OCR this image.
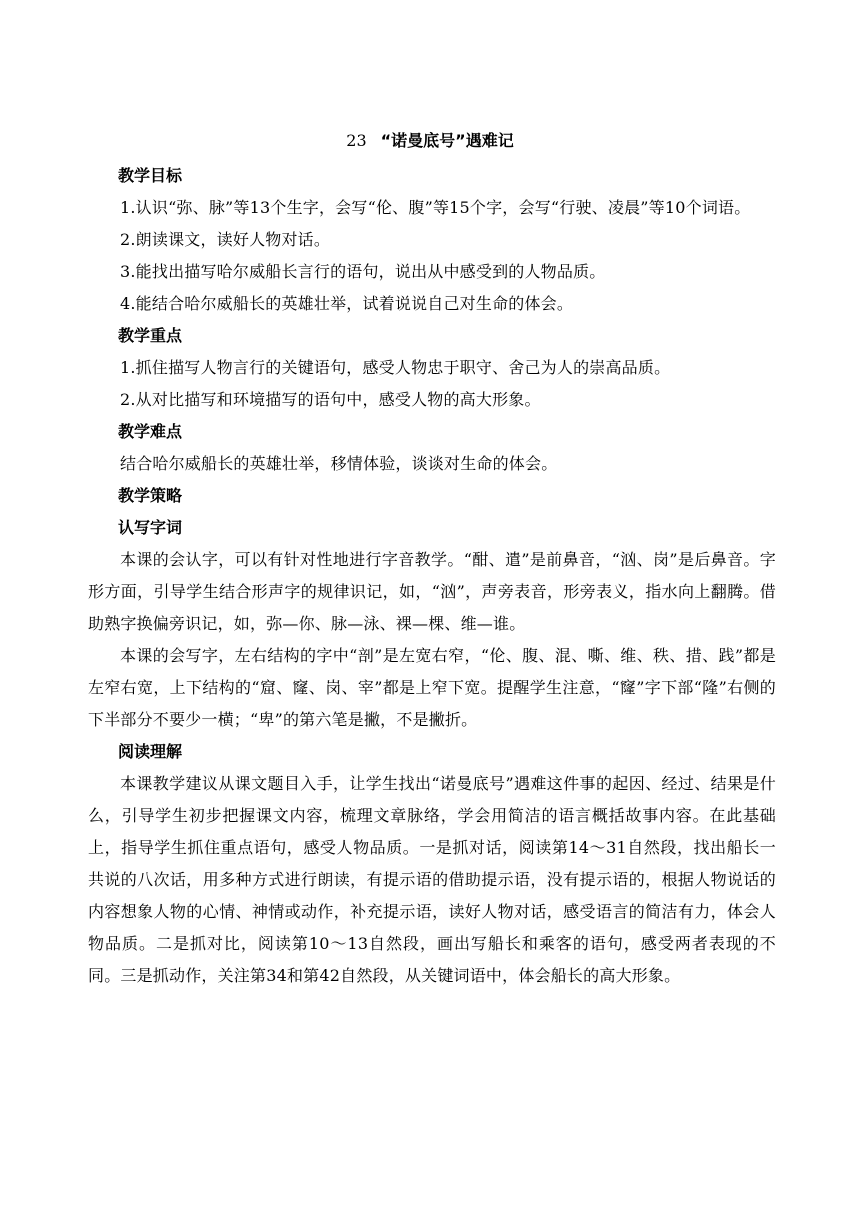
23 “诺曼底号”遇难记

教学目标

1.认识“弥、脉”等13个生字，会写“伦、腹”等15个字，会写“行驶、凌晨”等10个词语。

2.朗读课文，读好人物对话。

3.能找出描写哈尔威船长言行的语句，说出从中感受到的人物品质。

4.能结合哈尔威船长的英雄壮举，试着说说自己对生命的体会。

教学重点

1.抓住描写人物言行的关键语句，感受人物忠于职守、舍己为人的崇高品质。

2.从对比描写和环境描写的语句中，感受人物的高大形象。

教学难点

结合哈尔威船长的英雄壮举，移情体验，谈谈对生命的体会。

教学策略

认写字词

本课的会认字，可以有针对性地进行字音教学。“酣、遣”是前鼻音，“汹、岗”是后鼻音。字形方面，引导学生结合形声字的规律识记，如，“汹”，声旁表音，形旁表义，指水向上翻腾。借助熟字换偏旁识记，如，弥—你、脉—泳、裸—棵、维—谁。

本课的会写字，左右结构的字中“剖”是左宽右窄，“伦、腹、混、嘶、维、秩、措、践”都是左窄右宽，上下结构的“窟、窿、岗、宰”都是上窄下宽。提醒学生注意，“窿”字下部“隆”右侧的下半部分不要少一横；“卑”的第六笔是撇，不是撇折。

阅读理解

本课教学建议从课文题目入手，让学生找出“诺曼底号”遇难这件事的起因、经过、结果是什么，引导学生初步把握课文内容，梳理文章脉络，学会用简洁的语言概括故事内容。在此基础上，指导学生抓住重点语句，感受人物品质。一是抓对话，阅读第14～31自然段，找出船长一共说的八次话，用多种方式进行朗读，有提示语的借助提示语，没有提示语的，根据人物说话的内容想象人物的心情、神情或动作，补充提示语，读好人物对话，感受语言的简洁有力，体会人物品质。二是抓对比，阅读第10～13自然段，画出写船长和乘客的语句，感受两者表现的不同。三是抓动作，关注第34和第42自然段，从关键词语中，体会船长的高大形象。
